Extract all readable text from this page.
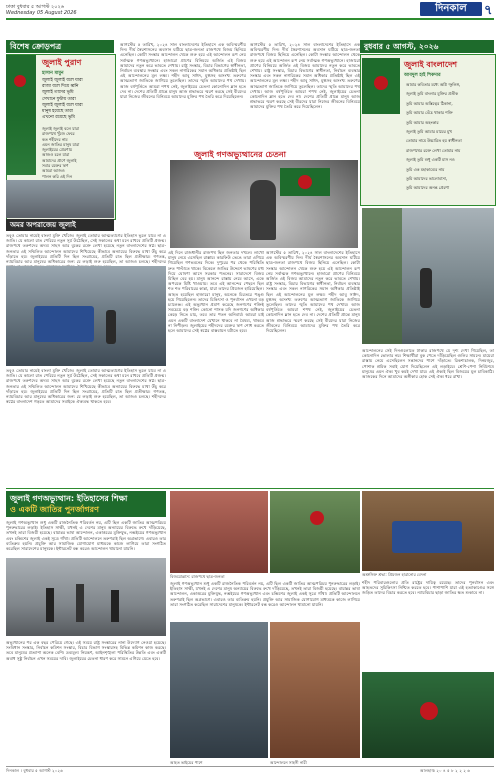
ঢাকা বুধবার ৫ আগস্ট ২০২৬
Wednesday 05 August 2026	দিনকাল	৭
বিশেষ ক্রোড়পত্র
জুলাই পুরাণ
হাসান মামুন
জুলাই জুলাই বলে যারা
রাজা বলে দিয়ে ধ্বনি
জুলাই তাদের ভূমি
সেখানে ফুটায় তারা
জুলাই জুলাই বলে যারা
মানুষ হয়েছে তারা
এখনো রয়েছে ভূমি
জুলাই জুলাই বলে যারা
রাজপথে খুঁজে ফেরে
কত শহীদের নাম
এমন জাতির মানুষ যারা
জুলাইয়ের প্রেরণায়
আজও চলে যারা
আমাদের প্রাণে জুলাই
সবার রক্তের ঋণ
আমরা আজও
পালন করি এই দিন
অমর অপরাজেয় জুলাই
তবুও তোমার নামেই বাংলা মুক্তি খোঁজে। জুলাই তোমার আত্মত্যাগের ইতিহাস ভুলে যাবে না এ জাতি। যে কালো রাত পেরিয়ে নতুন সূর্য উঠেছিল, সেই সকালের কথা মনে রাখবে প্রতিটি প্রজন্ম। রাজপথে তরুণদের অদম্য সাহস আর বুকের রক্তে লেখা হয়েছে নতুন বাংলাদেশের স্বপ্ন। ছাত্র-জনতার এই সম্মিলিত আন্দোলন আমাদের শিখিয়েছে কীভাবে অন্যায়ের বিরুদ্ধে মাথা উঁচু করে দাঁড়াতে হয়। জুলাইয়ের প্রতিটি দিন ছিল সংগ্রামের, প্রতিটি রাত ছিল প্রতীক্ষার। গণতন্ত্র, ন্যায়বিচার আর মানুষের অধিকারের জন্য যে লড়াই শুরু হয়েছিল, তা আজও চলছে। শহীদদের
তবুও তোমার নামেই বাংলা মুক্তি খোঁজে। জুলাই তোমার আত্মত্যাগের ইতিহাস ভুলে যাবে না এ জাতি। যে কালো রাত পেরিয়ে নতুন সূর্য উঠেছিল, সেই সকালের কথা মনে রাখবে প্রতিটি প্রজন্ম। রাজপথে তরুণদের অদম্য সাহস আর বুকের রক্তে লেখা হয়েছে নতুন বাংলাদেশের স্বপ্ন। ছাত্র-জনতার এই সম্মিলিত আন্দোলন আমাদের শিখিয়েছে কীভাবে অন্যায়ের বিরুদ্ধে মাথা উঁচু করে দাঁড়াতে হয়। জুলাইয়ের প্রতিটি দিন ছিল সংগ্রামের, প্রতিটি রাত ছিল প্রতীক্ষার। গণতন্ত্র, ন্যায়বিচার আর মানুষের অধিকারের জন্য যে লড়াই শুরু হয়েছিল, তা আজও চলছে। শহীদদের স্বপ্নের বাংলাদেশ গড়তে আমাদের সবাইকে ঐক্যবদ্ধ থাকতে হবে।
আগস্টের ৫ তারিখ, ২০২৪ সাল বাংলাদেশের ইতিহাসে এক অবিস্মরণীয় দিন। দীর্ঘ স্বৈরশাসনের অবসান ঘটিয়ে ছাত্র-জনতা রাজপথে বিজয় ছিনিয়ে এনেছিল। কোটা সংস্কার আন্দোলন থেকে শুরু হয়ে এই আন্দোলন রূপ নেয় সর্বাত্মক গণঅভ্যুত্থানে। হাজারো প্রাণের বিনিময়ে অর্জিত এই বিজয় আমাদের নতুন করে ভাবতে শেখায়। রাষ্ট্র সংস্কার, বিচার বিভাগের স্বাধীনতা, নির্বাচন ব্যবস্থার সংস্কার এবং সকল নাগরিকের সমান অধিকার প্রতিষ্ঠাই ছিল এই আন্দোলনের মূল লক্ষ্য। শহীদ আবু সাঈদ, মুগ্ধসহ অসংখ্য তরুণের আত্মত্যাগ জাতিকে জাগিয়ে তুলেছিল। তাদের স্মৃতি আমাদের পথ দেখায়। আজ বর্ষপূর্তিতে আমরা শপথ নেই, জুলাইয়ের চেতনা কোনোদিন ম্লান হতে দেব না। দেশের প্রতিটি প্রান্তে মানুষ আজ শ্রদ্ধাভরে স্মরণ করছে সেই বীরদের যারা নিজের জীবনের বিনিময়ে আমাদের মুক্তির পথ তৈরি করে দিয়েছিলেন।
আগস্টের ৫ তারিখ, ২০২৪ সাল বাংলাদেশের ইতিহাসে এক অবিস্মরণীয় দিন। দীর্ঘ স্বৈরশাসনের অবসান ঘটিয়ে ছাত্র-জনতা রাজপথে বিজয় ছিনিয়ে এনেছিল। কোটা সংস্কার আন্দোলন থেকে শুরু হয়ে এই আন্দোলন রূপ নেয় সর্বাত্মক গণঅভ্যুত্থানে। হাজারো প্রাণের বিনিময়ে অর্জিত এই বিজয় আমাদের নতুন করে ভাবতে শেখায়। রাষ্ট্র সংস্কার, বিচার বিভাগের স্বাধীনতা, নির্বাচন ব্যবস্থার সংস্কার এবং সকল নাগরিকের সমান অধিকার প্রতিষ্ঠাই ছিল এই আন্দোলনের মূল লক্ষ্য। শহীদ আবু সাঈদ, মুগ্ধসহ অসংখ্য তরুণের আত্মত্যাগ জাতিকে জাগিয়ে তুলেছিল। তাদের স্মৃতি আমাদের পথ দেখায়। আজ বর্ষপূর্তিতে আমরা শপথ নেই, জুলাইয়ের চেতনা কোনোদিন ম্লান হতে দেব না। দেশের প্রতিটি প্রান্তে মানুষ আজ শ্রদ্ধাভরে স্মরণ করছে সেই বীরদের যারা নিজের জীবনের বিনিময়ে আমাদের মুক্তির পথ তৈরি করে দিয়েছিলেন।
জুলাই গণঅভ্যুত্থানের চেতনা
এই দিনে রাজধানীর রাজপথ ছিল জনতার দখলে। লাখো মানুষ নেমে এসেছিল রাস্তায়। কারফিউ ভেঙে তারা এগিয়ে গিয়েছিল গণভবনের দিকে। দুপুরের পর থেকে পরিস্থিতি দ্রুত পাল্টাতে থাকে। বিকেলে জাতির উদ্দেশে ভাষণের মধ্য দিয়ে ঘোষণা আসে সরকার পতনের। সারাদেশে বিজয় মিছিল বের হয়। মানুষ আনন্দে রাস্তায় নেমে আসে, একে অপরকে মিষ্টি খাওয়ায়। তবে এই আনন্দের পেছনে ছিল শত শত পরিবারের কান্না, যারা তাদের প্রিয়জন হারিয়েছিল। আহত হয়েছিল হাজারো মানুষ, অনেকে চিরতরে পঙ্গু হয়ে গিয়েছিলেন। তাদের চিকিৎসা ও পুনর্বাসন এখনো বড় চ্যালেঞ্জ। এই অভ্যুত্থান প্রমাণ করেছে জনগণের শক্তিই সবচেয়ে বড় শক্তি। কোনো শাসক যদি জনগণের অধিকার কেড়ে নিতে চায়, তবে তার পতন অনিবার্য। আমরা চাই এমন একটি বাংলাদেশ যেখানে থাকবে না বৈষম্য, থাকবে না নিপীড়ন। জুলাইয়ের শহীদদের রক্তের ঋণ শোধ করতে হলে আমাদের সেই স্বপ্নের বাস্তবায়ন ঘটাতে হবে।
আগস্টের ৫ তারিখ, ২০২৪ সাল বাংলাদেশের ইতিহাসে এক অবিস্মরণীয় দিন। দীর্ঘ স্বৈরশাসনের অবসান ঘটিয়ে ছাত্র-জনতা রাজপথে বিজয় ছিনিয়ে এনেছিল। কোটা সংস্কার আন্দোলন থেকে শুরু হয়ে এই আন্দোলন রূপ নেয় সর্বাত্মক গণঅভ্যুত্থানে। হাজারো প্রাণের বিনিময়ে অর্জিত এই বিজয় আমাদের নতুন করে ভাবতে শেখায়। রাষ্ট্র সংস্কার, বিচার বিভাগের স্বাধীনতা, নির্বাচন ব্যবস্থার সংস্কার এবং সকল নাগরিকের সমান অধিকার প্রতিষ্ঠাই ছিল এই আন্দোলনের মূল লক্ষ্য। শহীদ আবু সাঈদ, মুগ্ধসহ অসংখ্য তরুণের আত্মত্যাগ জাতিকে জাগিয়ে তুলেছিল। তাদের স্মৃতি আমাদের পথ দেখায়। আজ বর্ষপূর্তিতে আমরা শপথ নেই, জুলাইয়ের চেতনা কোনোদিন ম্লান হতে দেব না। দেশের প্রতিটি প্রান্তে মানুষ আজ শ্রদ্ধাভরে স্মরণ করছে সেই বীরদের যারা নিজের জীবনের বিনিময়ে আমাদের মুক্তির পথ তৈরি করে দিয়েছিলেন।
বুধবার ৫ আগস্ট, ২০২৬
জুলাই বাংলাদেশ
আবদুল হাই শিকদার
আমার কবিতার মধ্যে অগ্নি স্ফুলিঙ্গ,
জুলাই তুমি বাংলার মুক্তির প্রতীক
তুমি আমার অস্তিত্বের ঠিকানা,
তুমি আমার বেঁচে থাকার শক্তি
তুমি আমার অহংকার
জুলাই তুমি আমার মায়ের মুখ
তোমার নামে উচ্চারিত হয় স্বাধীনতা
রাজপথের রক্তে লেখা তোমার নাম
জুলাই তুমি শুধু একটি মাস নও
তুমি এক মহাকাব্যের নাম
তুমি আমাদের ভালোবাসা,
তুমি আমাদের অনন্ত প্রেরণা
আন্দোলনের সেই দিনগুলোতে ঢাকার রাজপথে যে দৃশ্য দেখা গিয়েছিল, তা কোনোদিন ভোলার নয়। শিক্ষার্থীরা বুক পেতে দাঁড়িয়েছিল গুলির সামনে। মায়েরা রাস্তায় নেমে এসেছিলেন সন্তানদের পাশে দাঁড়াতে। রিকশাচালক, দিনমজুর, পোশাক শ্রমিক সবাই যোগ দিয়েছিলেন এই লড়াইয়ে। শ্রেণি-পেশা নির্বিশেষে মানুষের এমন ঐক্য খুব কমই দেখা যায়। এই ঐক্যই ছিল বিজয়ের মূল চাবিকাঠি। আজকের দিনে আমাদের অঙ্গীকার হোক সেই ঐক্য ধরে রাখা।
জুলাই গণঅভ্যুত্থান: ইতিহাসের শিক্ষা
ও একটি জাতির পুনর্জাগরণ
জুলাই গণঅভ্যুত্থান শুধু একটি রাজনৈতিক পরিবর্তন নয়, এটি ছিল একটি জাতির আত্মপরিচয় পুনরুদ্ধারের লড়াই। ইতিহাস সাক্ষী, যখনই এ দেশের মানুষ অন্যায়ের বিরুদ্ধে রুখে দাঁড়িয়েছে, তখনই তারা বিজয়ী হয়েছে। বায়ান্নর ভাষা আন্দোলন, একাত্তরের মুক্তিযুদ্ধ, নব্বইয়ের গণঅভ্যুত্থান এবং চব্বিশের জুলাই একই সূত্রে গাঁথা। প্রতিটি আন্দোলনে তরুণরাই ছিল অগ্রভাগে। এবারও তার ব্যতিক্রম হয়নি। প্রযুক্তি আর সামাজিক যোগাযোগ মাধ্যমকে কাজে লাগিয়ে তারা সংগঠিত করেছিল সারাদেশের মানুষকে। ইন্টারনেট বন্ধ করেও আন্দোলন থামানো যায়নি।
অভ্যুত্থানের পর এক বছর পেরিয়ে গেছে। এই সময়ে রাষ্ট্র সংস্কারের নানা উদ্যোগ নেওয়া হয়েছে। সংবিধান সংস্কার, নির্বাচন কমিশন সংস্কার, বিচার বিভাগ সংস্কারসহ বিভিন্ন কমিশন কাজ করছে। তবে মানুষের প্রত্যাশা অনেক বেশি। দ্রব্যমূল্য নিয়ন্ত্রণ, আইনশৃঙ্খলা পরিস্থিতির উন্নতি এবং একটি অবাধ সুষ্ঠু নির্বাচন এখন সময়ের দাবি। জুলাইয়ের চেতনা ধারণ করে সামনে এগিয়ে যেতে হবে।
বিজয়োল্লাস: রাজপথে ছাত্র-জনতা
জুলাই গণঅভ্যুত্থান শুধু একটি রাজনৈতিক পরিবর্তন নয়, এটি ছিল একটি জাতির আত্মপরিচয় পুনরুদ্ধারের লড়াই। ইতিহাস সাক্ষী, যখনই এ দেশের মানুষ অন্যায়ের বিরুদ্ধে রুখে দাঁড়িয়েছে, তখনই তারা বিজয়ী হয়েছে। বায়ান্নর ভাষা আন্দোলন, একাত্তরের মুক্তিযুদ্ধ, নব্বইয়ের গণঅভ্যুত্থান এবং চব্বিশের জুলাই একই সূত্রে গাঁথা। প্রতিটি আন্দোলনে তরুণরাই ছিল অগ্রভাগে। এবারও তার ব্যতিক্রম হয়নি। প্রযুক্তি আর সামাজিক যোগাযোগ মাধ্যমকে কাজে লাগিয়ে তারা সংগঠিত করেছিল সারাদেশের মানুষকে। ইন্টারনেট বন্ধ করেও আন্দোলন থামানো যায়নি।
আহত ভাইয়ের পাশে	আন্দোলনে সাহসী নারী
অশ্রুসিক্ত শ্রদ্ধা: প্রিয়জন হারানোর বেদনা
শহীদ পরিবারগুলোর প্রতি রাষ্ট্রের দায়িত্ব রয়েছে। তাদের পুনর্বাসন এবং আহতদের সুচিকিৎসা নিশ্চিত করতে হবে। পাশাপাশি যারা এই হত্যাকাণ্ডের সঙ্গে জড়িত তাদের বিচার করতে হবে। ন্যায়বিচার ছাড়া জাতির ক্ষত শুকাবে না।
দিনকাল । বুধবার ৫ আগস্ট ২০২৬	আলহাজ্ব ২০ ৪ ৫ ৮ ২ ২ ২ ৬
